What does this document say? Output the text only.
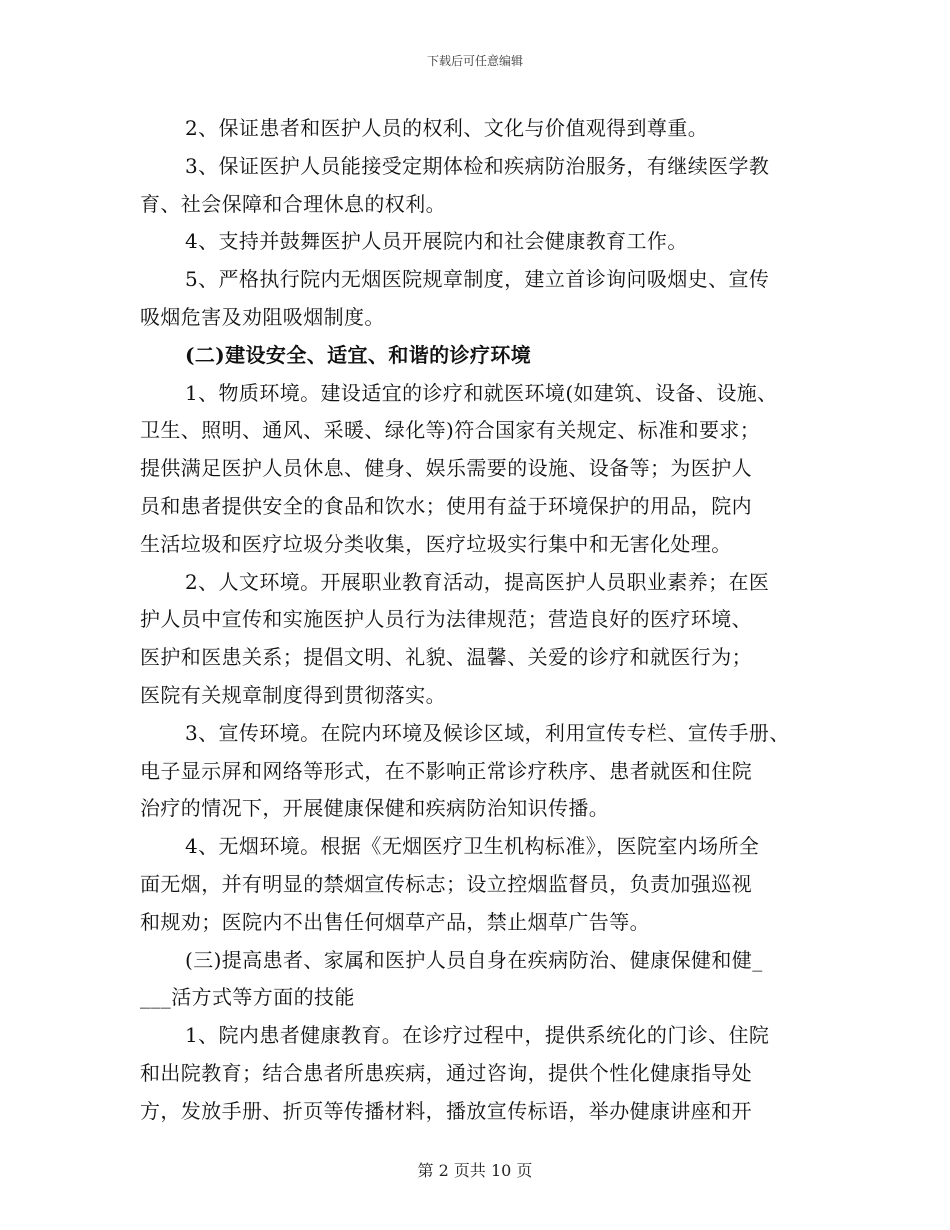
下载后可任意编辑

2、保证患者和医护人员的权利、文化与价值观得到尊重。

3、保证医护人员能接受定期体检和疾病防治服务，有继续医学教
育、社会保障和合理休息的权利。

4、支持并鼓舞医护人员开展院内和社会健康教育工作。

5、严格执行院内无烟医院规章制度，建立首诊询问吸烟史、宣传
吸烟危害及劝阻吸烟制度。

(二)建设安全、适宜、和谐的诊疗环境

1、物质环境。建设适宜的诊疗和就医环境(如建筑、设备、设施、
卫生、照明、通风、采暖、绿化等)符合国家有关规定、标准和要求；
提供满足医护人员休息、健身、娱乐需要的设施、设备等；为医护人
员和患者提供安全的食品和饮水；使用有益于环境保护的用品，院内
生活垃圾和医疗垃圾分类收集，医疗垃圾实行集中和无害化处理。

2、人文环境。开展职业教育活动，提高医护人员职业素养；在医
护人员中宣传和实施医护人员行为法律规范；营造良好的医疗环境、
医护和医患关系；提倡文明、礼貌、温馨、关爱的诊疗和就医行为；
医院有关规章制度得到贯彻落实。

3、宣传环境。在院内环境及候诊区域，利用宣传专栏、宣传手册、
电子显示屏和网络等形式，在不影响正常诊疗秩序、患者就医和住院
治疗的情况下，开展健康保健和疾病防治知识传播。

4、无烟环境。根据《无烟医疗卫生机构标准》，医院室内场所全
面无烟，并有明显的禁烟宣传标志；设立控烟监督员，负责加强巡视
和规劝；医院内不出售任何烟草产品，禁止烟草广告等。

(三)提高患者、家属和医护人员自身在疾病防治、健康保健和健_
___活方式等方面的技能

1、院内患者健康教育。在诊疗过程中，提供系统化的门诊、住院
和出院教育；结合患者所患疾病，通过咨询，提供个性化健康指导处
方，发放手册、折页等传播材料，播放宣传标语，举办健康讲座和开

第 2 页共 10 页
